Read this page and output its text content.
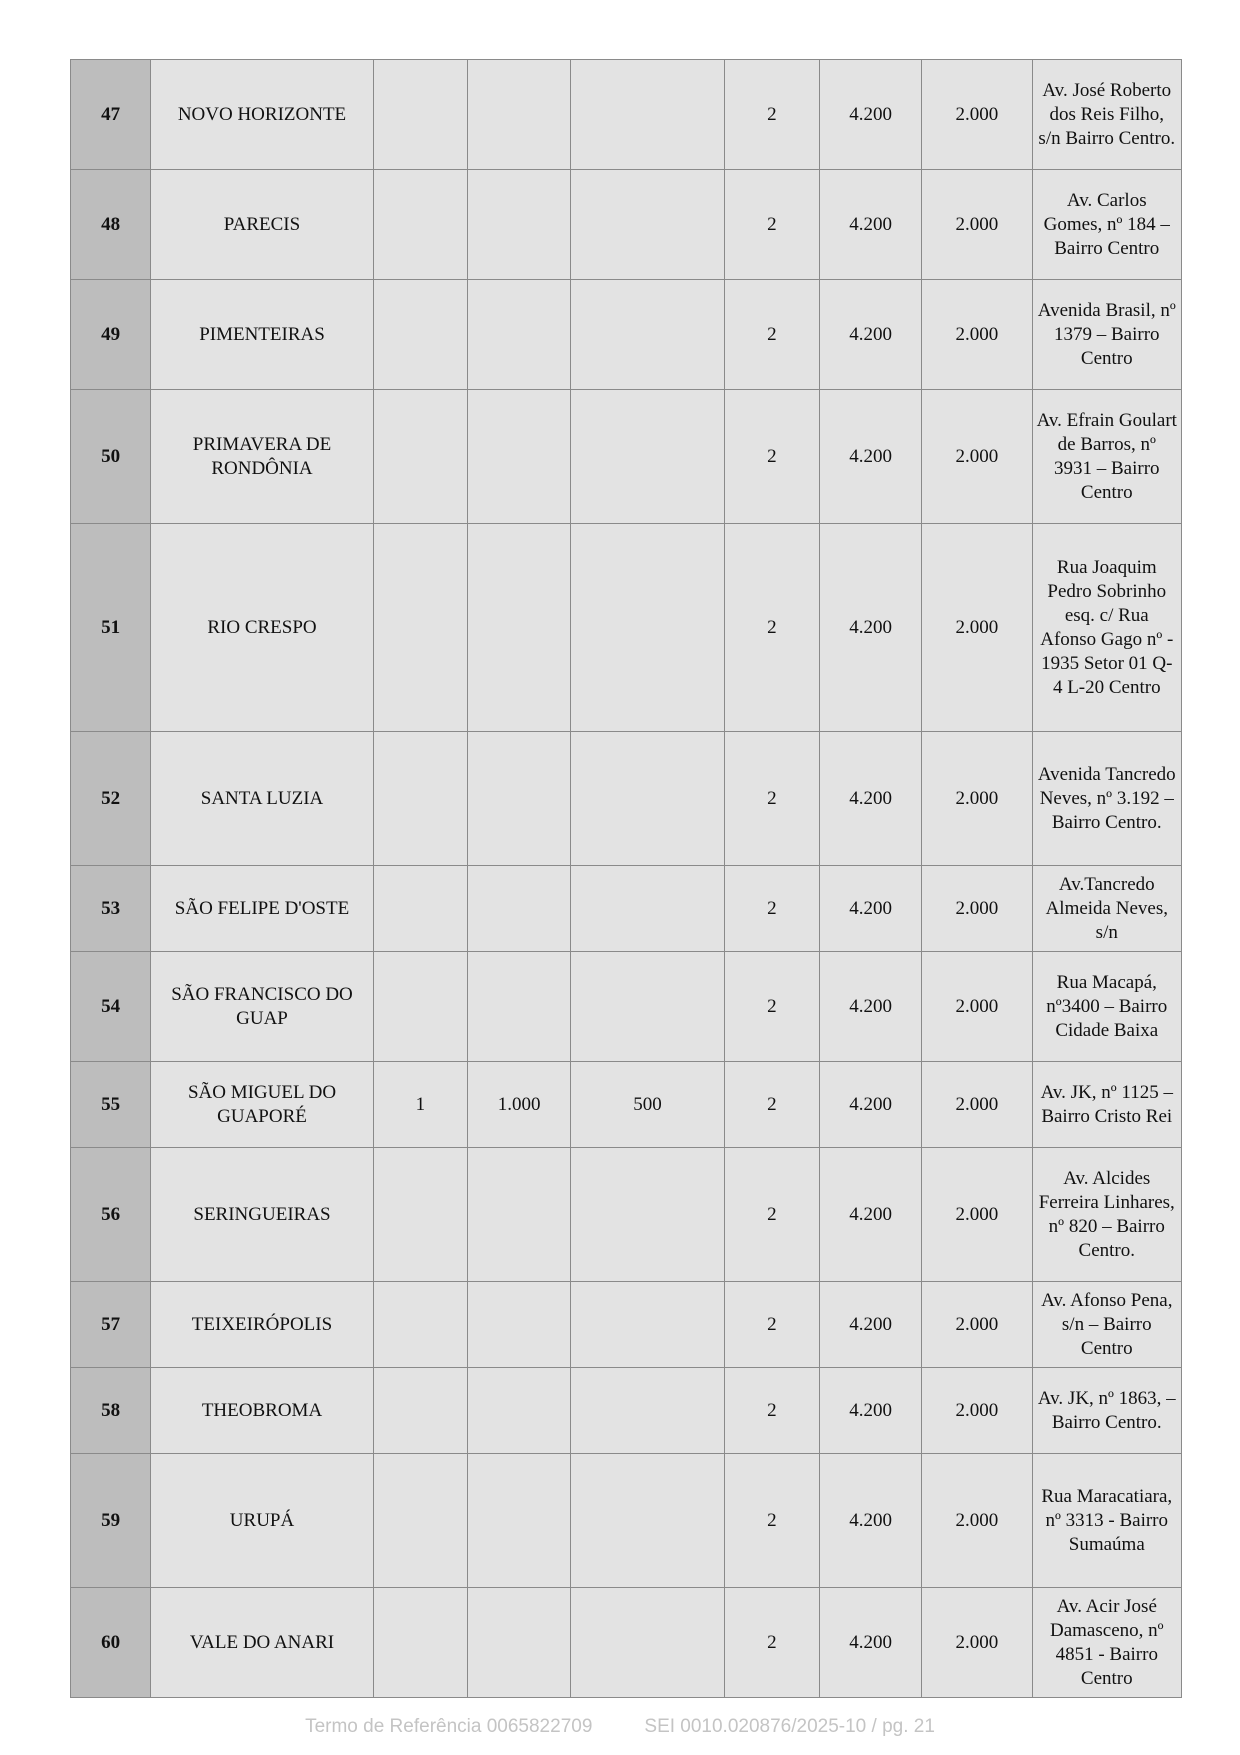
47	NOVO HORIZONTE				2	4.200	2.000	Av. José Roberto dos Reis Filho, s/n Bairro Centro.
48	PARECIS				2	4.200	2.000	Av. Carlos Gomes, nº 184 – Bairro Centro
49	PIMENTEIRAS				2	4.200	2.000	Avenida Brasil, nº 1379 – Bairro Centro
50	PRIMAVERA DE RONDÔNIA				2	4.200	2.000	Av. Efrain Goulart de Barros, nº 3931 – Bairro Centro
51	RIO CRESPO				2	4.200	2.000	Rua Joaquim Pedro Sobrinho esq. c/ Rua Afonso Gago nº - 1935 Setor 01 Q-4 L-20 Centro
52	SANTA LUZIA				2	4.200	2.000	Avenida Tancredo Neves, nº 3.192 – Bairro Centro.
53	SÃO FELIPE D'OSTE				2	4.200	2.000	Av.Tancredo Almeida Neves, s/n
54	SÃO FRANCISCO DO GUAP				2	4.200	2.000	Rua Macapá, nº3400 – Bairro Cidade Baixa
55	SÃO MIGUEL DO GUAPORÉ	1	1.000	500	2	4.200	2.000	Av. JK, nº 1125 – Bairro Cristo Rei
56	SERINGUEIRAS				2	4.200	2.000	Av. Alcides Ferreira Linhares, nº 820 – Bairro Centro.
57	TEIXEIRÓPOLIS				2	4.200	2.000	Av. Afonso Pena, s/n – Bairro Centro
58	THEOBROMA				2	4.200	2.000	Av. JK, nº 1863, – Bairro Centro.
59	URUPÁ				2	4.200	2.000	Rua Maracatiara, nº 3313 - Bairro Sumaúma
60	VALE DO ANARI				2	4.200	2.000	Av. Acir José Damasceno, nº 4851 - Bairro Centro
Termo de Referência 0065822709	SEI 0010.020876/2025-10 / pg. 21
